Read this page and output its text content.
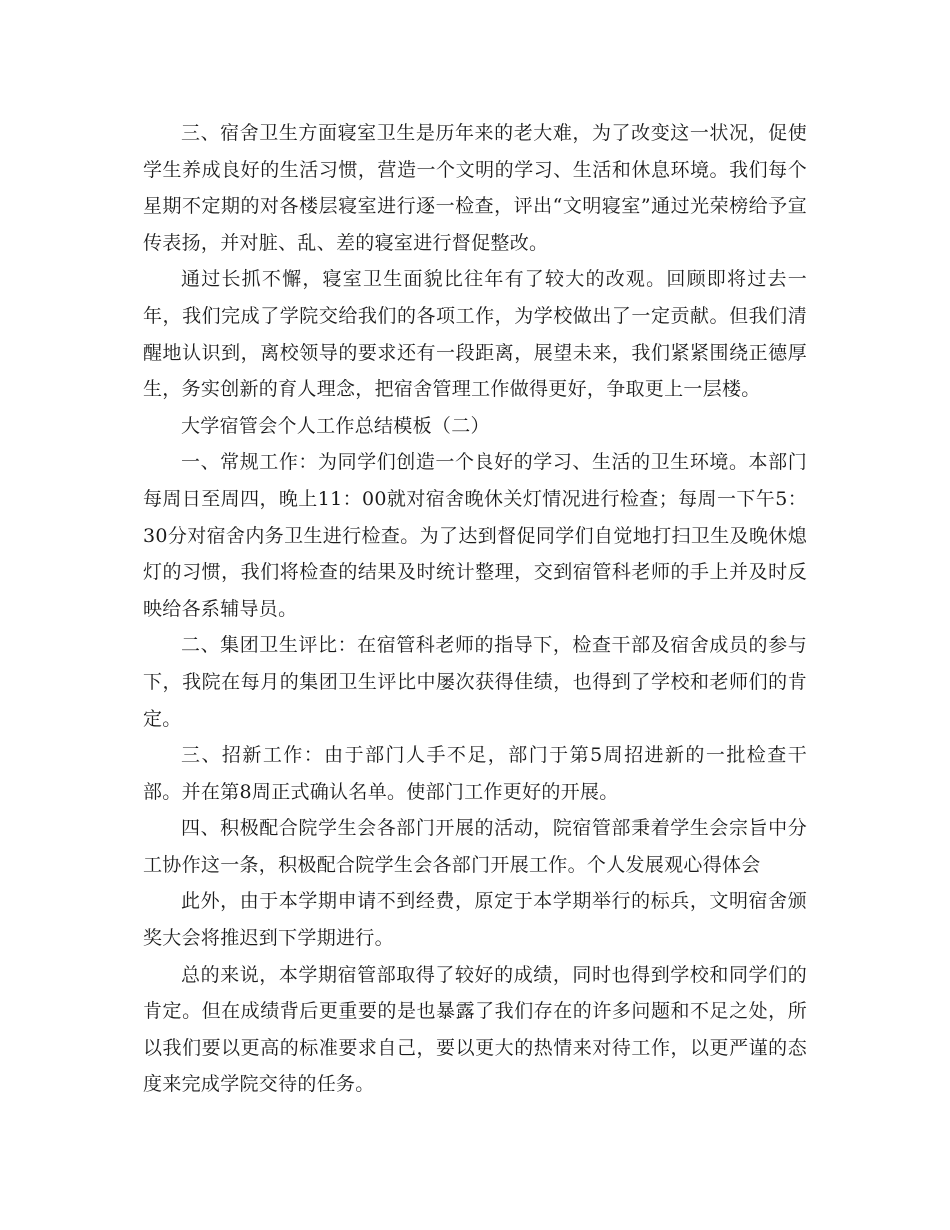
三、宿舍卫生方面寝室卫生是历年来的老大难，为了改变这一状况，促使学生养成良好的生活习惯，营造一个文明的学习、生活和休息环境。我们每个星期不定期的对各楼层寝室进行逐一检查，评出“文明寝室”通过光荣榜给予宣传表扬，并对脏、乱、差的寝室进行督促整改。

通过长抓不懈，寝室卫生面貌比往年有了较大的改观。回顾即将过去一年，我们完成了学院交给我们的各项工作，为学校做出了一定贡献。但我们清醒地认识到，离校领导的要求还有一段距离，展望未来，我们紧紧围绕正德厚生，务实创新的育人理念，把宿舍管理工作做得更好，争取更上一层楼。

大学宿管会个人工作总结模板（二）

一、常规工作：为同学们创造一个良好的学习、生活的卫生环境。本部门每周日至周四，晚上11：00就对宿舍晚休关灯情况进行检查；每周一下午5：30分对宿舍内务卫生进行检查。为了达到督促同学们自觉地打扫卫生及晚休熄灯的习惯，我们将检查的结果及时统计整理，交到宿管科老师的手上并及时反映给各系辅导员。

二、集团卫生评比：在宿管科老师的指导下，检查干部及宿舍成员的参与下，我院在每月的集团卫生评比中屡次获得佳绩，也得到了学校和老师们的肯定。

三、招新工作：由于部门人手不足，部门于第5周招进新的一批检查干部。并在第8周正式确认名单。使部门工作更好的开展。

四、积极配合院学生会各部门开展的活动，院宿管部秉着学生会宗旨中分工协作这一条，积极配合院学生会各部门开展工作。个人发展观心得体会

此外，由于本学期申请不到经费，原定于本学期举行的标兵，文明宿舍颁奖大会将推迟到下学期进行。

总的来说，本学期宿管部取得了较好的成绩，同时也得到学校和同学们的肯定。但在成绩背后更重要的是也暴露了我们存在的许多问题和不足之处，所以我们要以更高的标准要求自己，要以更大的热情来对待工作，以更严谨的态度来完成学院交待的任务。
